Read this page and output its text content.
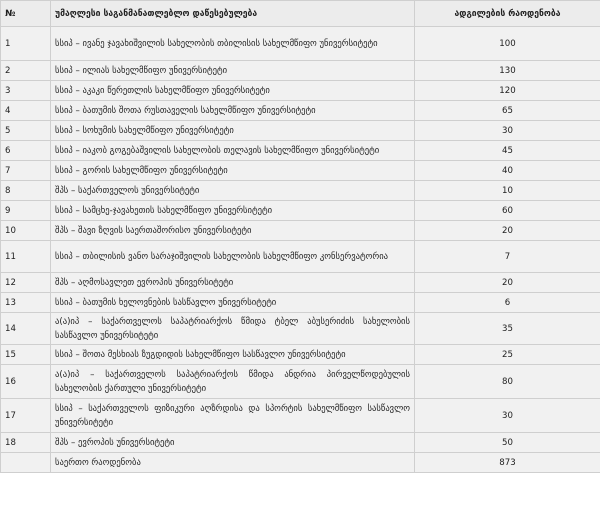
№	უმაღლესი საგანმანათლებლო დაწესებულება	ადგილების რაოდენობა
1	სსიპ – ივანე ჯავახიშვილის სახელობის თბილისის სახელმწიფო უნივერსიტეტი	100
2	სსიპ – ილიას სახელმწიფო უნივერსიტეტი	130
3	სსიპ – აკაკი წერეთლის სახელმწიფო უნივერსიტეტი	120
4	სსიპ – ბათუმის შოთა რუსთაველის სახელმწიფო უნივერსიტეტი	65
5	სსიპ – სოხუმის სახელმწიფო უნივერსიტეტი	30
6	სსიპ – იაკობ გოგებაშვილის სახელობის თელავის სახელმწიფო უნივერსიტეტი	45
7	სსიპ – გორის სახელმწიფო უნივერსიტეტი	40
8	შპს – საქართველოს უნივერსიტეტი	10
9	სსიპ – სამცხე-ჯავახეთის სახელმწიფო უნივერსიტეტი	60
10	შპს – შავი ზღვის საერთაშორისო უნივერსიტეტი	20
11	სსიპ – თბილისის ვანო სარაჯიშვილის სახელობის სახელმწიფო კონსერვატორია	7
12	შპს – აღმოსავლეთ ევროპის უნივერსიტეტი	20
13	სსიპ – ბათუმის ხელოვნების სასწავლო უნივერსიტეტი	6
14	ა(ა)იპ – საქართველოს საპატრიარქოს წმიდა ტბელ აბუსერიძის სახელობის სასწავლო უნივერსიტეტი	35
15	სსიპ – შოთა მესხიას ზუგდიდის სახელმწიფო სასწავლო უნივერსიტეტი	25
16	ა(ა)იპ – საქართველოს საპატრიარქოს წმიდა ანდრია პირველწოდებულის სახელობის ქართული უნივერსიტეტი	80
17	სსიპ – საქართველოს ფიზიკური აღზრდისა და სპორტის სახელმწიფო სასწავლო უნივერსიტეტი	30
18	შპს – ევროპის უნივერსიტეტი	50
	საერთო რაოდენობა	873
